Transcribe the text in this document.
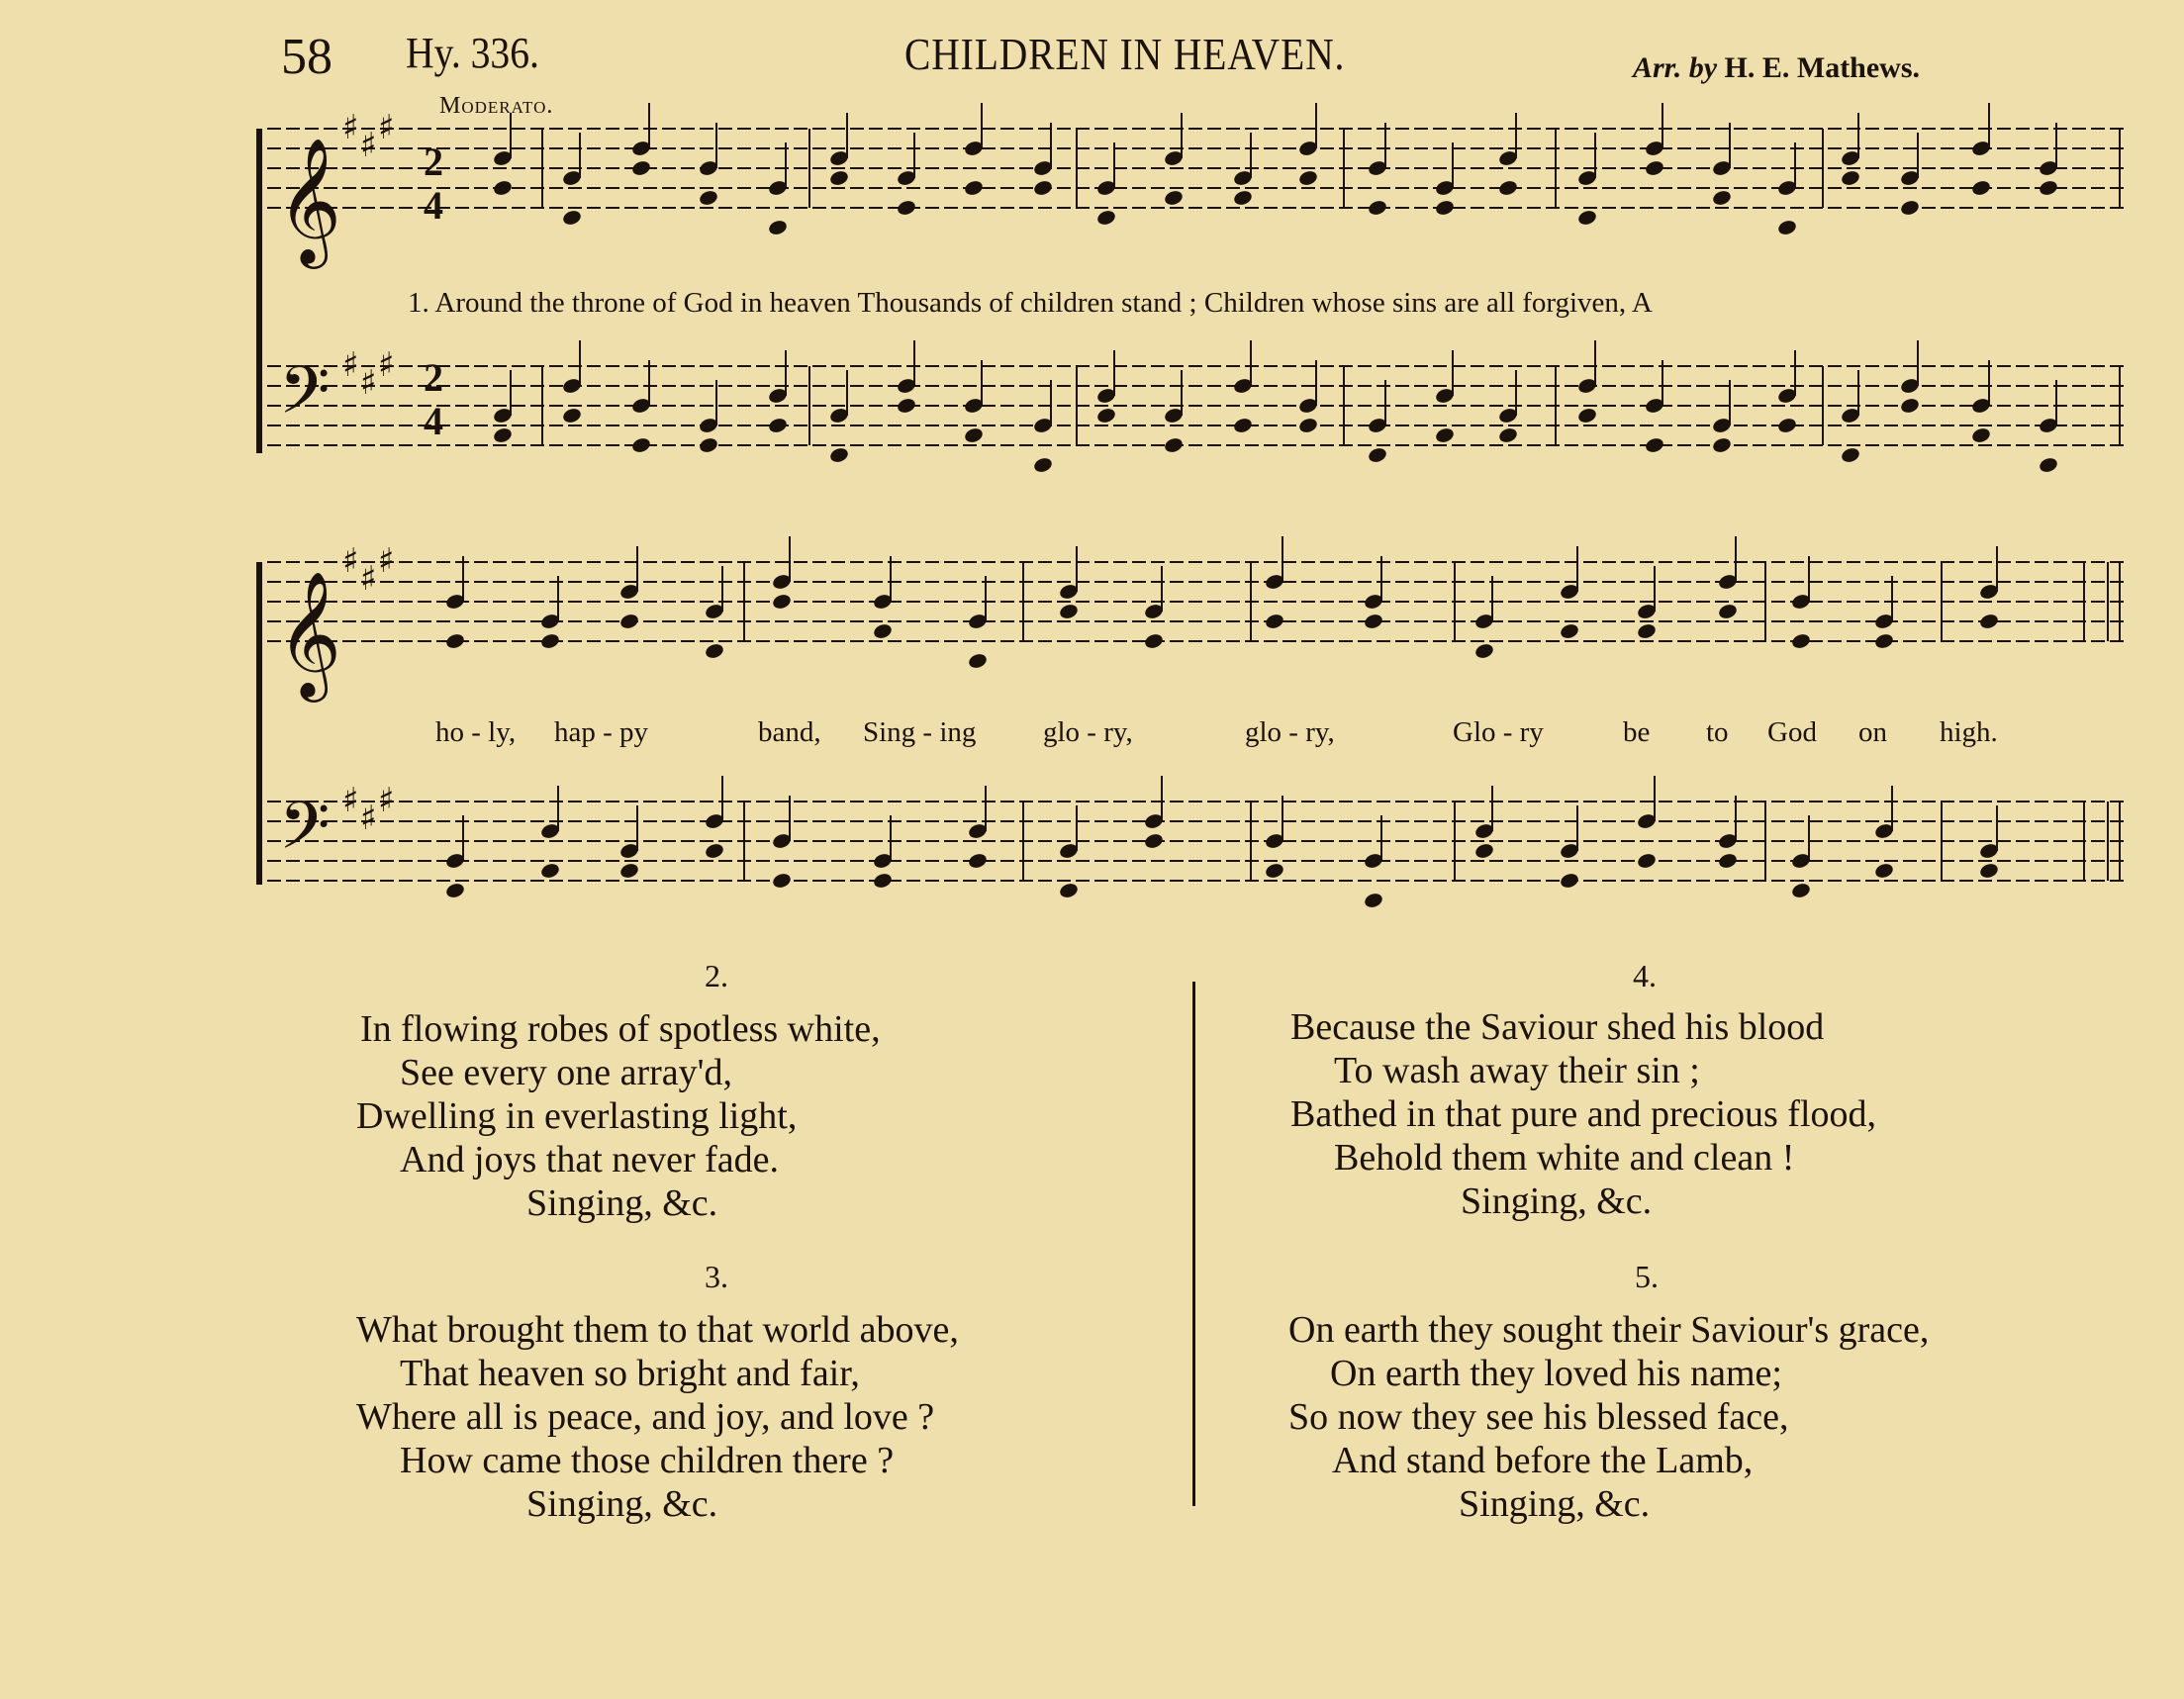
58 Hy. 336.	CHILDREN IN HEAVEN.	Arr. by H. E. Mathews.
Moderato.
𝄞
𝄢
♯ ♯ ♯
♯ ♯ ♯
𝄞
𝄢
♯ ♯ ♯
♯ ♯ ♯
2
4
2
4
1. Around the throne of God in heaven Thousands of children stand ; Children whose sins are all forgiven, A
ho - ly, hap - py	band, Sing - ing glo - ry,	glo - ry,	Glo - ry	be to God on high.
2.
In flowing robes of spotless white,
See every one array'd,
Dwelling in everlasting light,
And joys that never fade.
Singing, &c.
3.
What brought them to that world above,
That heaven so bright and fair,
Where all is peace, and joy, and love ?
How came those children there ?
Singing, &c.
4.
Because the Saviour shed his blood
To wash away their sin ;
Bathed in that pure and precious flood,
Behold them white and clean !
Singing, &c.
5.
On earth they sought their Saviour's grace,
On earth they loved his name;
So now they see his blessed face,
And stand before the Lamb,
Singing, &c.
